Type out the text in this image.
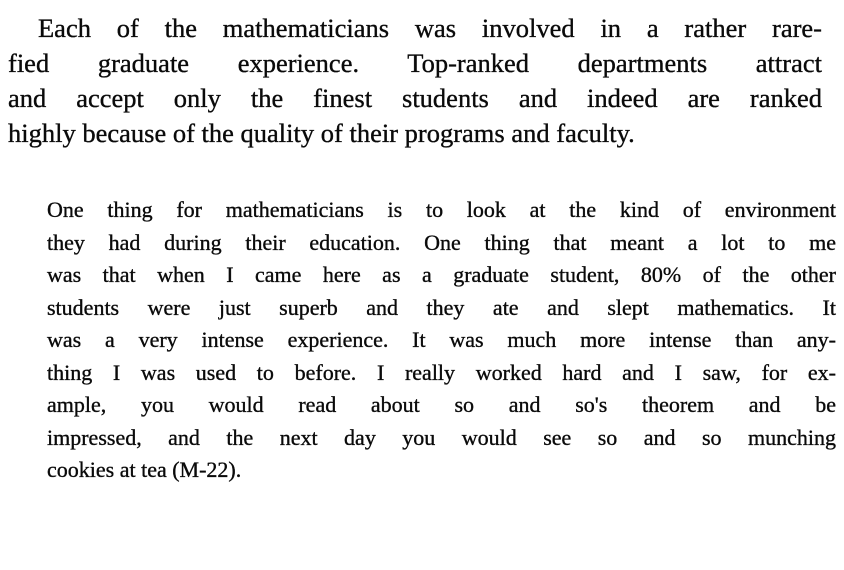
Each of the mathematicians was involved in a rather rare-
fied graduate experience. Top-ranked departments attract
and accept only the finest students and indeed are ranked
highly because of the quality of their programs and faculty.
One thing for mathematicians is to look at the kind of environment
they had during their education. One thing that meant a lot to me
was that when I came here as a graduate student, 80% of the other
students were just superb and they ate and slept mathematics. It
was a very intense experience. It was much more intense than any-
thing I was used to before. I really worked hard and I saw, for ex-
ample, you would read about so and so's theorem and be
impressed, and the next day you would see so and so munching
cookies at tea (M-22).
